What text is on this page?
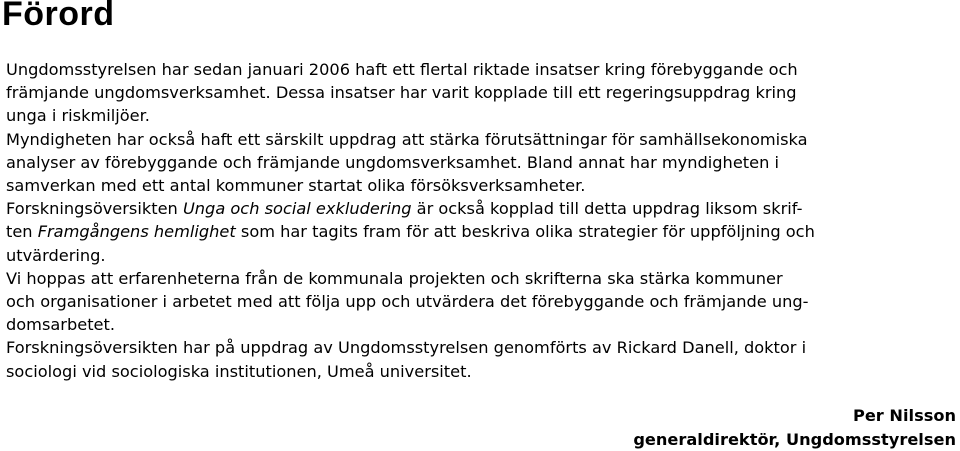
Förord

Ungdomsstyrelsen har sedan januari 2006 haft ett flertal riktade insatser kring förebyggande och
främjande ungdomsverksamhet. Dessa insatser har varit kopplade till ett regeringsuppdrag kring
unga i riskmiljöer.

Myndigheten har också haft ett särskilt uppdrag att stärka förutsättningar för samhällsekonomiska
analyser av förebyggande och främjande ungdomsverksamhet. Bland annat har myndigheten i
samverkan med ett antal kommuner startat olika försöksverksamheter.

Forskningsöversikten Unga och social exkludering är också kopplad till detta uppdrag liksom skrif-
ten Framgångens hemlighet som har tagits fram för att beskriva olika strategier för uppföljning och
utvärdering.

Vi hoppas att erfarenheterna från de kommunala projekten och skrifterna ska stärka kommuner
och organisationer i arbetet med att följa upp och utvärdera det förebyggande och främjande ung-
domsarbetet.

Forskningsöversikten har på uppdrag av Ungdomsstyrelsen genomförts av Rickard Danell, doktor i
sociologi vid sociologiska institutionen, Umeå universitet.

Per Nilsson
generaldirektör, Ungdomsstyrelsen
